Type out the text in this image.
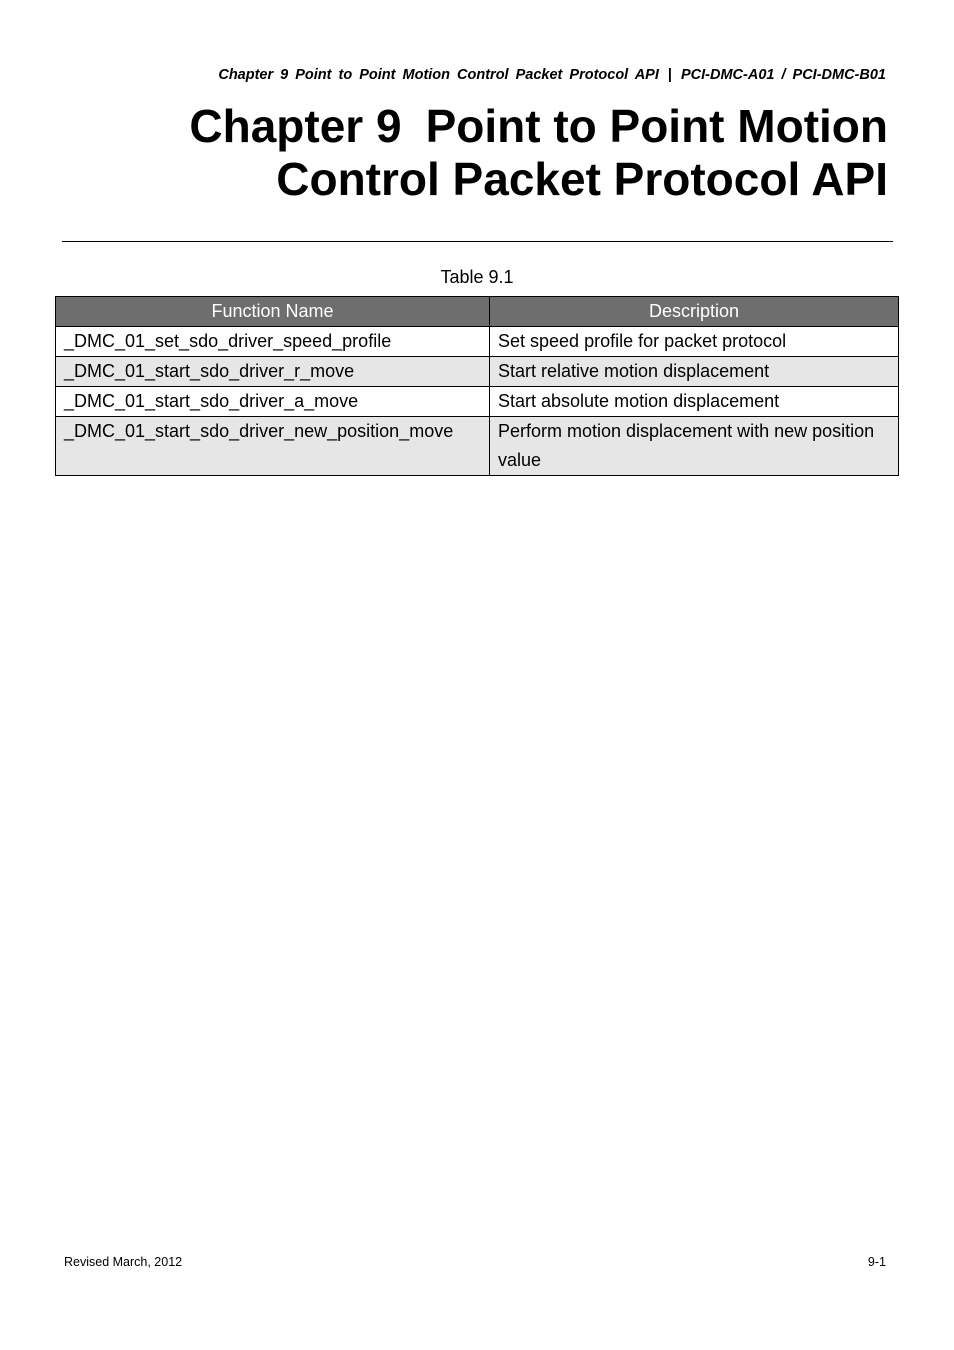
Chapter 9 Point to Point Motion Control Packet Protocol API | PCI-DMC-A01 / PCI-DMC-B01
Chapter 9 Point to Point Motion
Control Packet Protocol API
Table 9.1
Function Name	Description
_DMC_01_set_sdo_driver_speed_profile	Set speed profile for packet protocol
_DMC_01_start_sdo_driver_r_move	Start relative motion displacement
_DMC_01_start_sdo_driver_a_move	Start absolute motion displacement
_DMC_01_start_sdo_driver_new_position_move	Perform motion displacement with new position value
Revised March, 2012	9-1
